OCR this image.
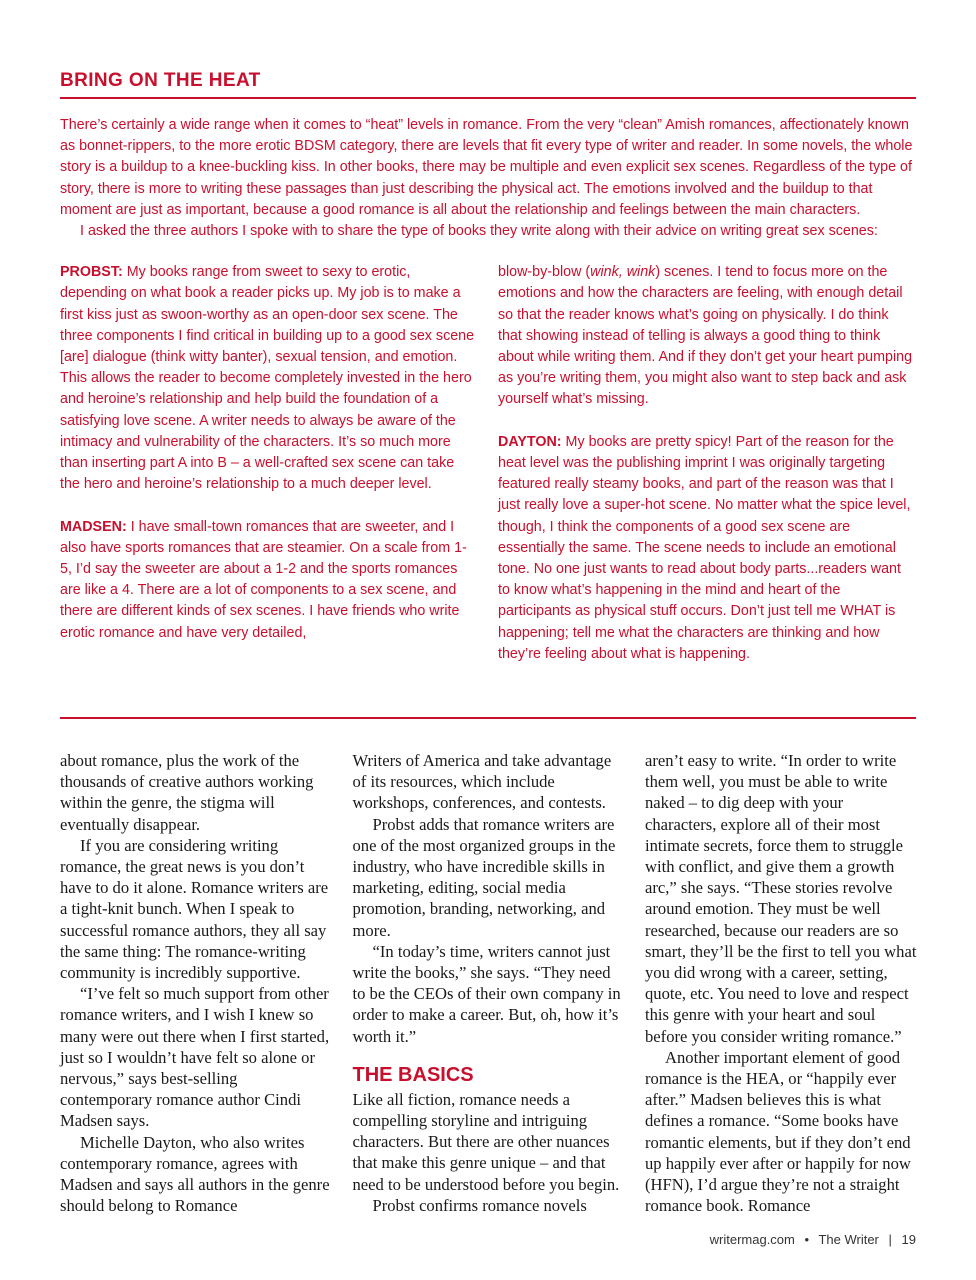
BRING ON THE HEAT

There’s certainly a wide range when it comes to “heat” levels in romance. From the very “clean” Amish romances, affectionately known as bonnet-rippers, to the more erotic BDSM category, there are levels that fit every type of writer and reader. In some novels, the whole story is a buildup to a knee-buckling kiss. In other books, there may be multiple and even explicit sex scenes. Regardless of the type of story, there is more to writing these passages than just describing the physical act. The emotions involved and the buildup to that moment are just as important, because a good romance is all about the relationship and feelings between the main characters.

I asked the three authors I spoke with to share the type of books they write along with their advice on writing great sex scenes:

PROBST: My books range from sweet to sexy to erotic, depending on what book a reader picks up. My job is to make a first kiss just as swoon-worthy as an open-door sex scene. The three components I find critical in building up to a good sex scene [are] dialogue (think witty banter), sexual tension, and emotion. This allows the reader to become completely invested in the hero and heroine’s relationship and help build the foundation of a satisfying love scene. A writer needs to always be aware of the intimacy and vulnerability of the characters. It’s so much more than inserting part A into B – a well-crafted sex scene can take the hero and heroine’s relationship to a much deeper level.

MADSEN: I have small-town romances that are sweeter, and I also have sports romances that are steamier. On a scale from 1-5, I’d say the sweeter are about a 1-2 and the sports romances are like a 4. There are a lot of components to a sex scene, and there are different kinds of sex scenes. I have friends who write erotic romance and have very detailed,

blow-by-blow (wink, wink) scenes. I tend to focus more on the emotions and how the characters are feeling, with enough detail so that the reader knows what’s going on physically. I do think that showing instead of telling is always a good thing to think about while writing them. And if they don’t get your heart pumping as you’re writing them, you might also want to step back and ask yourself what’s missing.

DAYTON: My books are pretty spicy! Part of the reason for the heat level was the publishing imprint I was originally targeting featured really steamy books, and part of the reason was that I just really love a super-hot scene. No matter what the spice level, though, I think the components of a good sex scene are essentially the same. The scene needs to include an emotional tone. No one just wants to read about body parts...readers want to know what’s happening in the mind and heart of the participants as physical stuff occurs. Don’t just tell me WHAT is happening; tell me what the characters are thinking and how they’re feeling about what is happening.

about romance, plus the work of the thousands of creative authors working within the genre, the stigma will eventually disappear.

If you are considering writing romance, the great news is you don’t have to do it alone. Romance writers are a tight-knit bunch. When I speak to successful romance authors, they all say the same thing: The romance-writing community is incredibly supportive.

“I’ve felt so much support from other romance writers, and I wish I knew so many were out there when I first started, just so I wouldn’t have felt so alone or nervous,” says best-selling contemporary romance author Cindi Madsen says.

Michelle Dayton, who also writes contemporary romance, agrees with Madsen and says all authors in the genre should belong to Romance

Writers of America and take advantage of its resources, which include workshops, conferences, and contests.

Probst adds that romance writers are one of the most organized groups in the industry, who have incredible skills in marketing, editing, social media promotion, branding, networking, and more.

“In today’s time, writers cannot just write the books,” she says. “They need to be the CEOs of their own company in order to make a career. But, oh, how it’s worth it.”

THE BASICS

Like all fiction, romance needs a compelling storyline and intriguing characters. But there are other nuances that make this genre unique – and that need to be understood before you begin.

Probst confirms romance novels

aren’t easy to write. “In order to write them well, you must be able to write naked – to dig deep with your characters, explore all of their most intimate secrets, force them to struggle with conflict, and give them a growth arc,” she says. “These stories revolve around emotion. They must be well researched, because our readers are so smart, they’ll be the first to tell you what you did wrong with a career, setting, quote, etc. You need to love and respect this genre with your heart and soul before you consider writing romance.”

Another important element of good romance is the HEA, or “happily ever after.” Madsen believes this is what defines a romance. “Some books have romantic elements, but if they don’t end up happily ever after or happily for now (HFN), I’d argue they’re not a straight romance book. Romance

writermag.com • The Writer | 19
